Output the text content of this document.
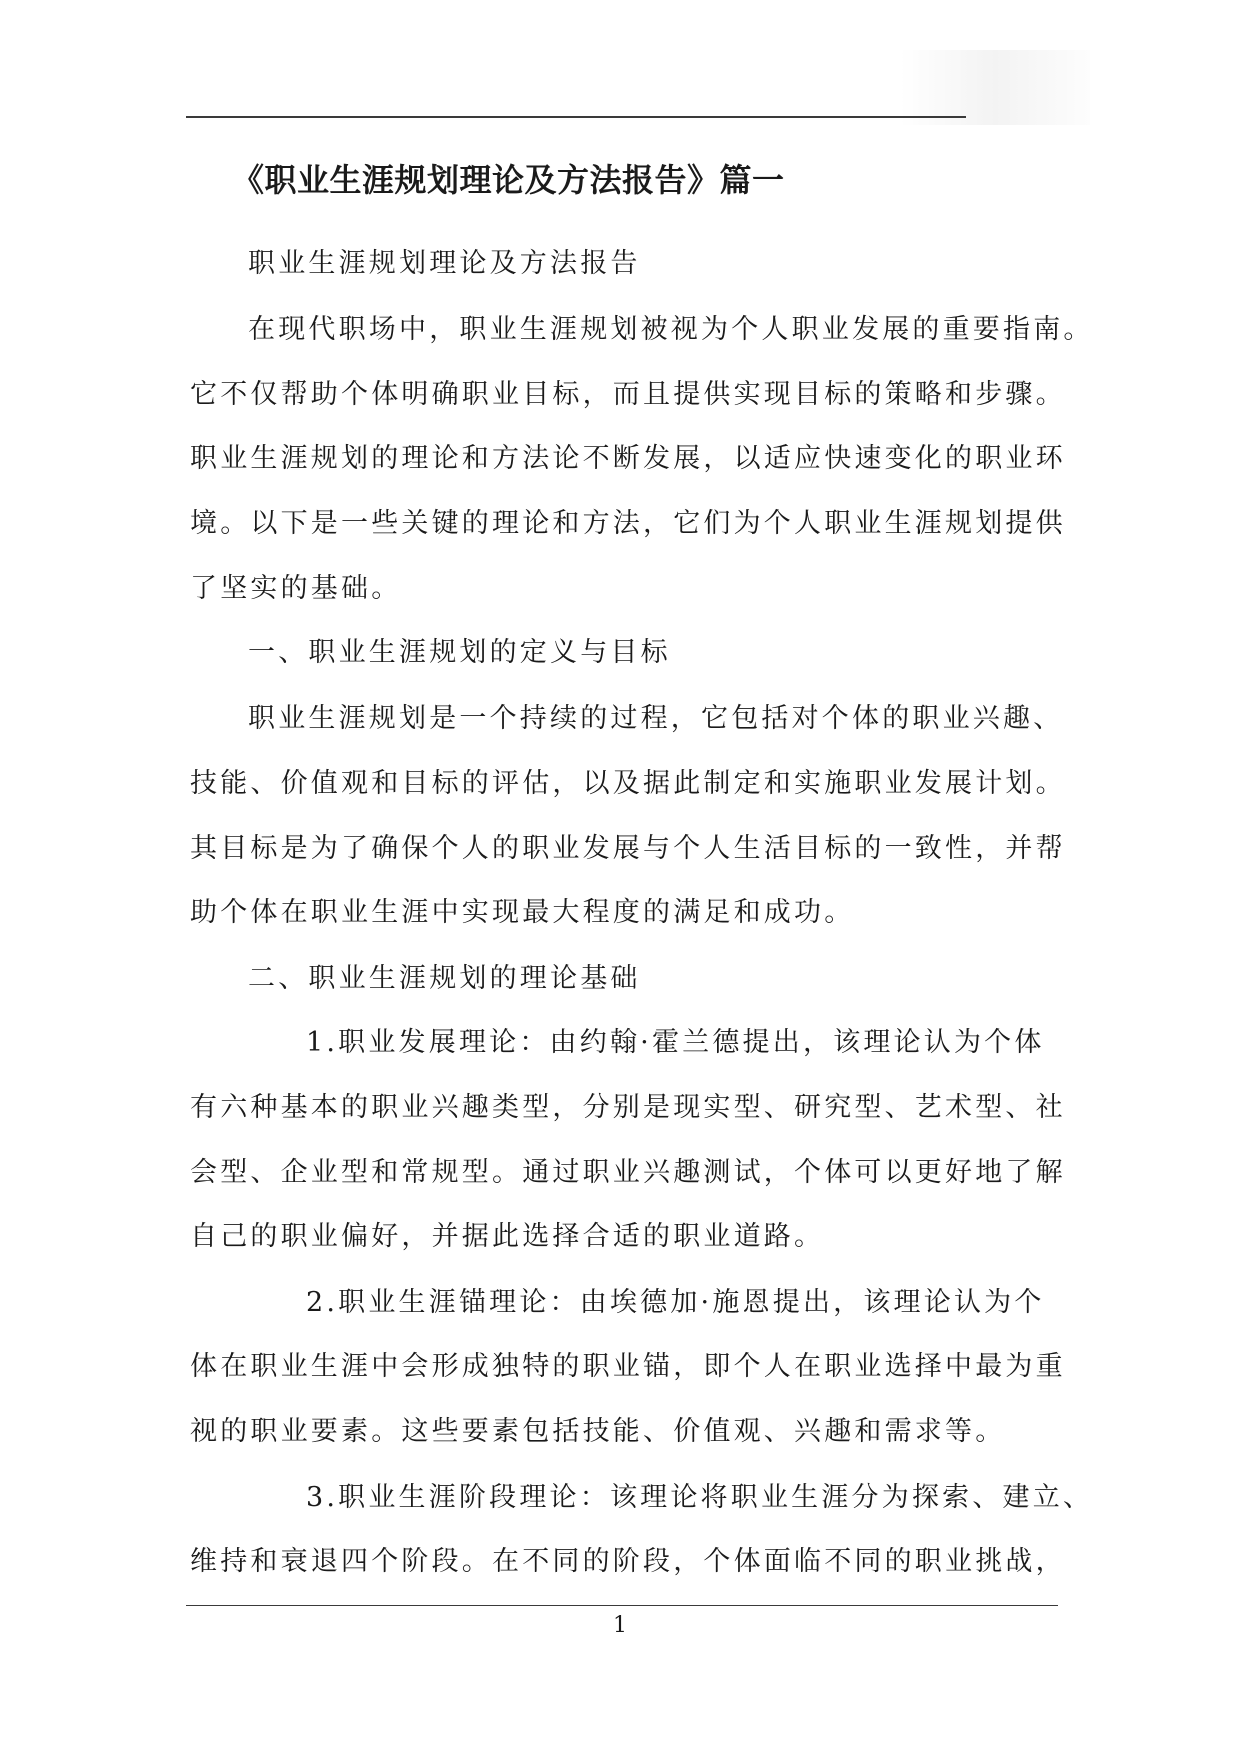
《职业生涯规划理论及方法报告》篇一
职业生涯规划理论及方法报告
在现代职场中，职业生涯规划被视为个人职业发展的重要指南。
它不仅帮助个体明确职业目标，而且提供实现目标的策略和步骤。
职业生涯规划的理论和方法论不断发展，以适应快速变化的职业环
境。以下是一些关键的理论和方法，它们为个人职业生涯规划提供
了坚实的基础。
一、职业生涯规划的定义与目标
职业生涯规划是一个持续的过程，它包括对个体的职业兴趣、
技能、价值观和目标的评估，以及据此制定和实施职业发展计划。
其目标是为了确保个人的职业发展与个人生活目标的一致性，并帮
助个体在职业生涯中实现最大程度的满足和成功。
二、职业生涯规划的理论基础
1.职业发展理论：由约翰·霍兰德提出，该理论认为个体
有六种基本的职业兴趣类型，分别是现实型、研究型、艺术型、社
会型、企业型和常规型。通过职业兴趣测试，个体可以更好地了解
自己的职业偏好，并据此选择合适的职业道路。
2.职业生涯锚理论：由埃德加·施恩提出，该理论认为个
体在职业生涯中会形成独特的职业锚，即个人在职业选择中最为重
视的职业要素。这些要素包括技能、价值观、兴趣和需求等。
3.职业生涯阶段理论：该理论将职业生涯分为探索、建立、
维持和衰退四个阶段。在不同的阶段，个体面临不同的职业挑战，
1
